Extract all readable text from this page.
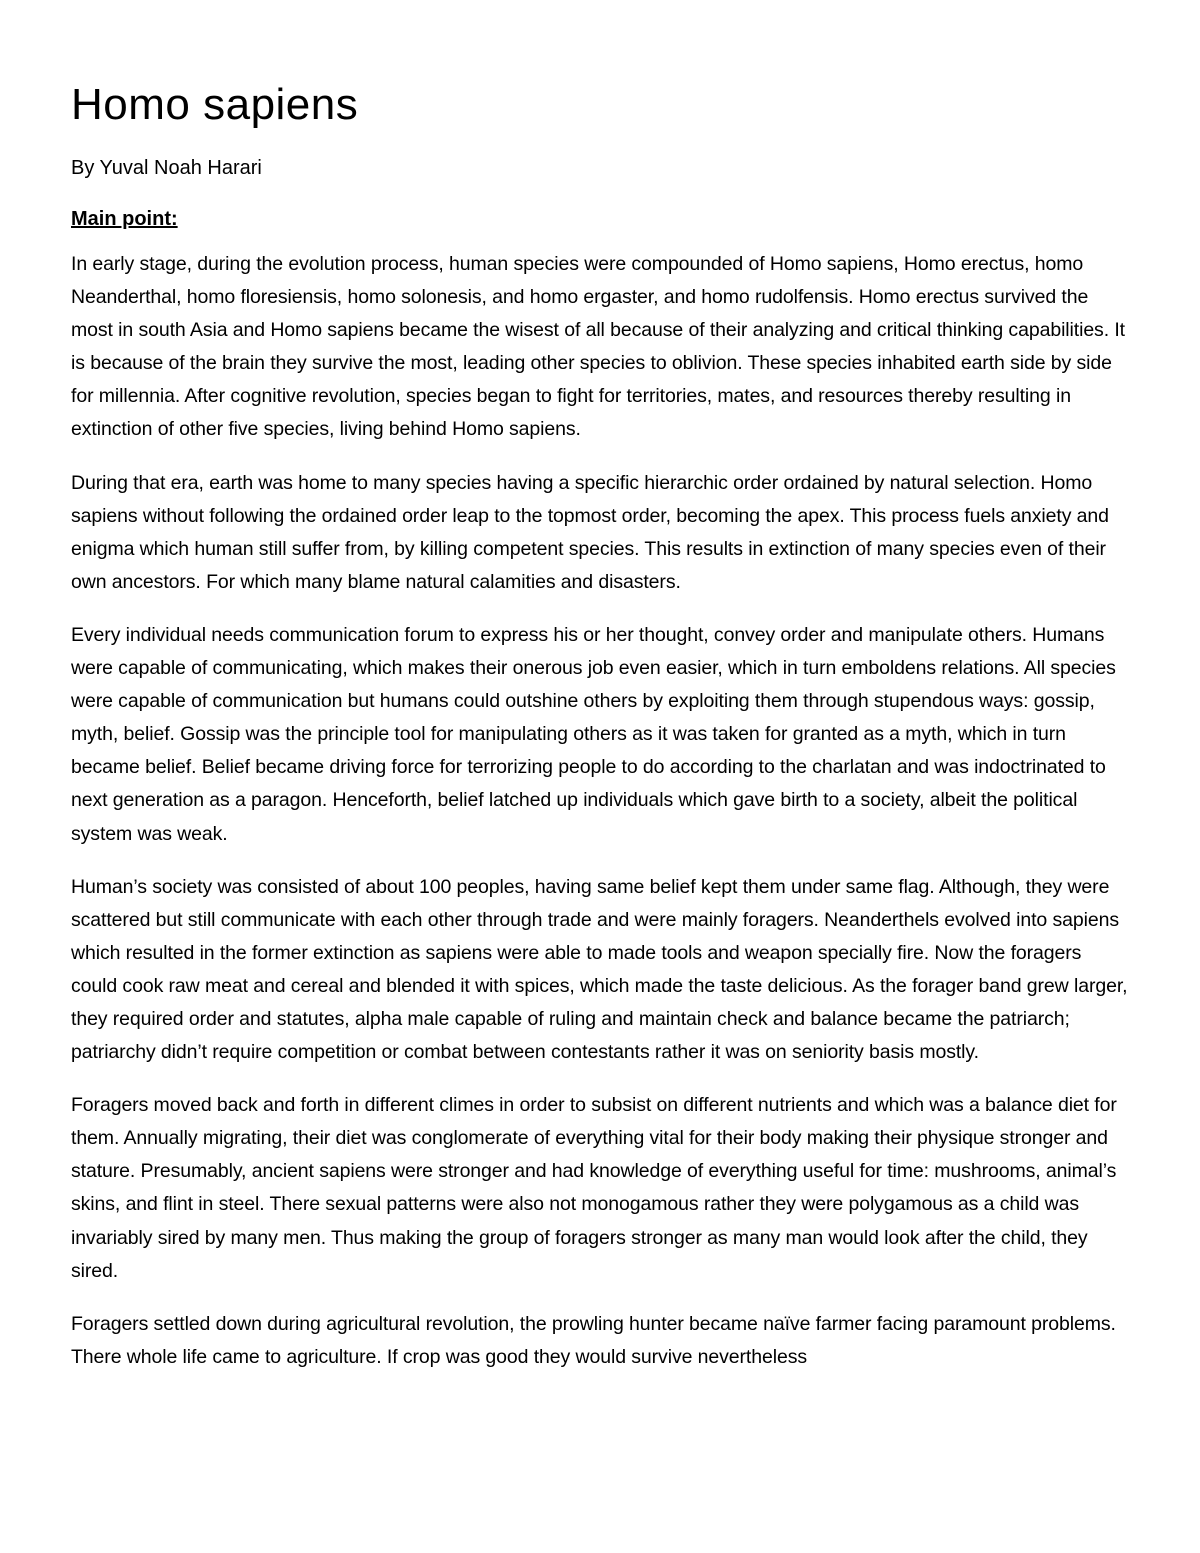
Homo sapiens
By Yuval Noah Harari
Main point:

In early stage, during the evolution process, human species were compounded of Homo sapiens, Homo erectus, homo Neanderthal, homo floresiensis, homo solonesis, and homo ergaster, and homo rudolfensis. Homo erectus survived the most in south Asia and Homo sapiens became the wisest of all because of their analyzing and critical thinking capabilities. It is because of the brain they survive the most, leading other species to oblivion. These species inhabited earth side by side for millennia. After cognitive revolution, species began to fight for territories, mates, and resources thereby resulting in extinction of other five species, living behind Homo sapiens.

During that era, earth was home to many species having a specific hierarchic order ordained by natural selection. Homo sapiens without following the ordained order leap to the topmost order, becoming the apex. This process fuels anxiety and enigma which human still suffer from, by killing competent species. This results in extinction of many species even of their own ancestors. For which many blame natural calamities and disasters.

Every individual needs communication forum to express his or her thought, convey order and manipulate others. Humans were capable of communicating, which makes their onerous job even easier, which in turn emboldens relations. All species were capable of communication but humans could outshine others by exploiting them through stupendous ways: gossip, myth, belief. Gossip was the principle tool for manipulating others as it was taken for granted as a myth, which in turn became belief. Belief became driving force for terrorizing people to do according to the charlatan and was indoctrinated to next generation as a paragon. Henceforth, belief latched up individuals which gave birth to a society, albeit the political system was weak.

Human’s society was consisted of about 100 peoples, having same belief kept them under same flag. Although, they were scattered but still communicate with each other through trade and were mainly foragers. Neanderthels evolved into sapiens which resulted in the former extinction as sapiens were able to made tools and weapon specially fire. Now the foragers could cook raw meat and cereal and blended it with spices, which made the taste delicious. As the forager band grew larger, they required order and statutes, alpha male capable of ruling and maintain check and balance became the patriarch; patriarchy didn’t require competition or combat between contestants rather it was on seniority basis mostly.

Foragers moved back and forth in different climes in order to subsist on different nutrients and which was a balance diet for them. Annually migrating, their diet was conglomerate of everything vital for their body making their physique stronger and stature. Presumably, ancient sapiens were stronger and had knowledge of everything useful for time: mushrooms, animal’s skins, and flint in steel. There sexual patterns were also not monogamous rather they were polygamous as a child was invariably sired by many men. Thus making the group of foragers stronger as many man would look after the child, they sired.

Foragers settled down during agricultural revolution, the prowling hunter became naïve farmer facing paramount problems. There whole life came to agriculture. If crop was good they would survive nevertheless
